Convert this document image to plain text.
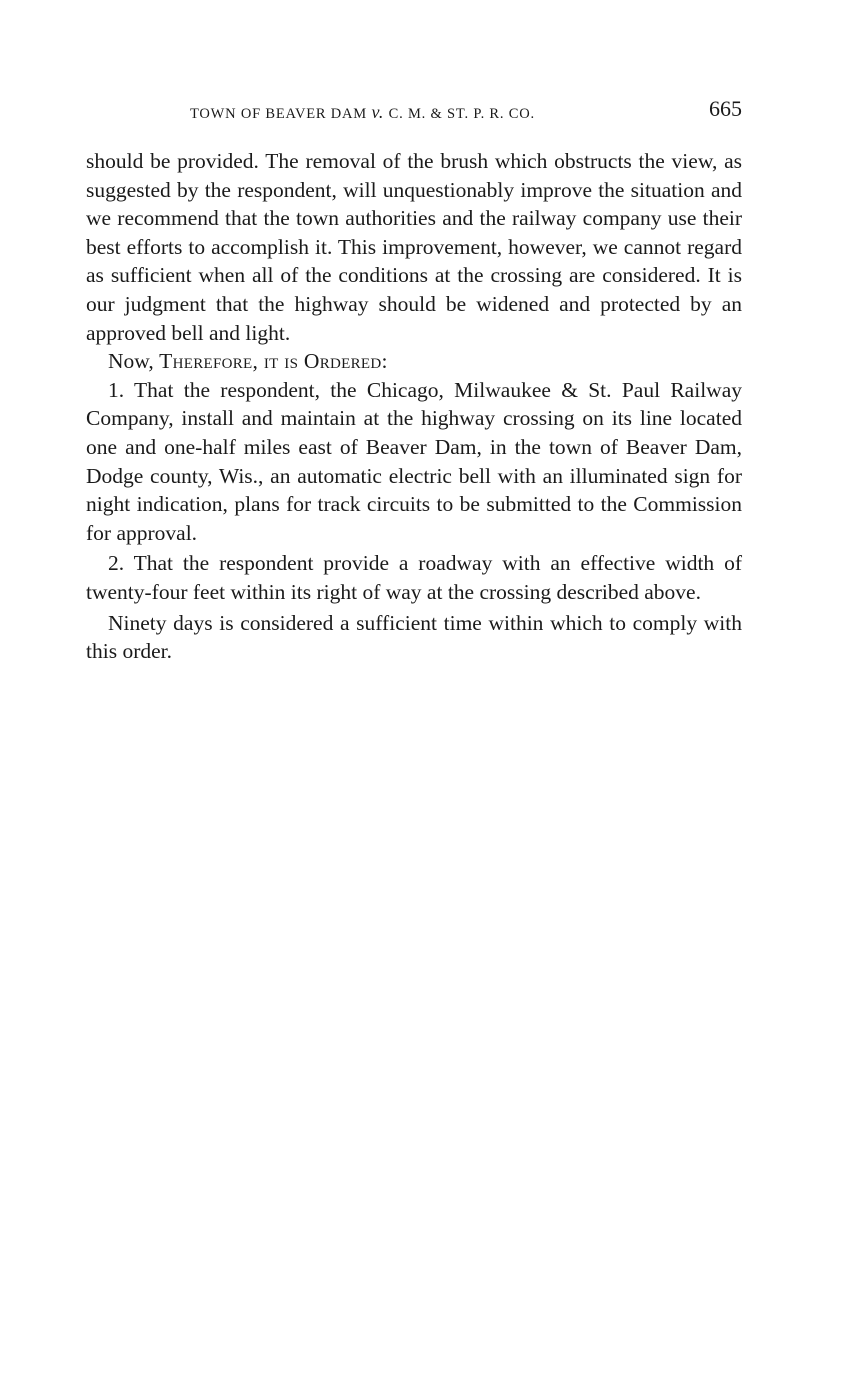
TOWN OF BEAVER DAM v. C. M. & ST. P. R. CO.	665

should be provided. The removal of the brush which obstructs the view, as suggested by the respondent, will unquestionably improve the situation and we recommend that the town authorities and the railway company use their best efforts to accomplish it. This improvement, however, we cannot regard as sufficient when all of the conditions at the crossing are considered. It is our judgment that the highway should be widened and protected by an approved bell and light.

Now, Therefore, it is Ordered:

1. That the respondent, the Chicago, Milwaukee & St. Paul Railway Company, install and maintain at the highway crossing on its line located one and one-half miles east of Beaver Dam, in the town of Beaver Dam, Dodge county, Wis., an automatic electric bell with an illuminated sign for night indication, plans for track circuits to be submitted to the Commission for approval.

2. That the respondent provide a roadway with an effective width of twenty-four feet within its right of way at the crossing described above.

Ninety days is considered a sufficient time within which to comply with this order.
